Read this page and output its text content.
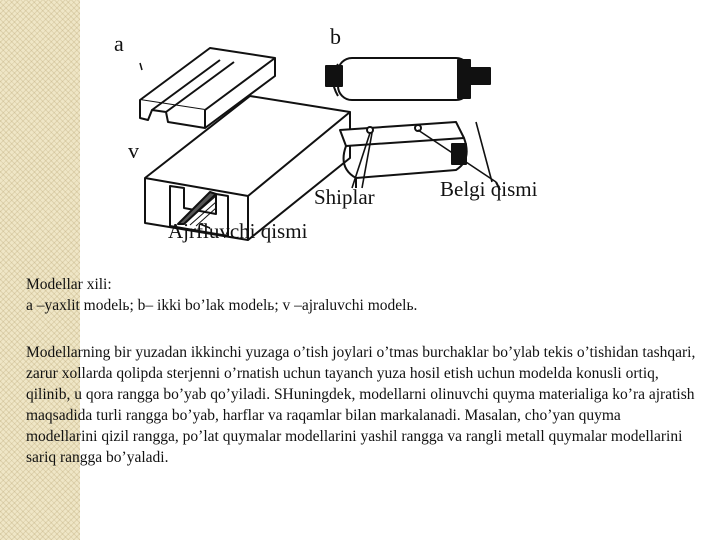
a	b
v
Shiplar	Belgi qismi
Ajrfluvchi qismi
Modellar xili:
a –yaxlit modelь; b– ikki bo’lak modelь; v –ajraluvchi modelь.
Modellarning bir yuzadan ikkinchi yuzaga o’tish joylari o’tmas burchaklar bo’ylab tekis o’tishidan tashqari, zarur xollarda qolipda sterjenni o’rnatish uchun tayanch yuza hosil etish uchun modelda konusli ortiq, qilinib, u qora rangga bo’yab qo’yiladi. SHuningdek, modellarni olinuvchi quyma materialiga ko’ra ajratish maqsadida turli rangga bo’yab, harflar va raqamlar bilan markalanadi. Masalan, cho’yan quyma modellarini qizil rangga, po’lat quymalar modellarini yashil rangga va rangli metall quymalar modellarini sariq rangga bo’yaladi.
